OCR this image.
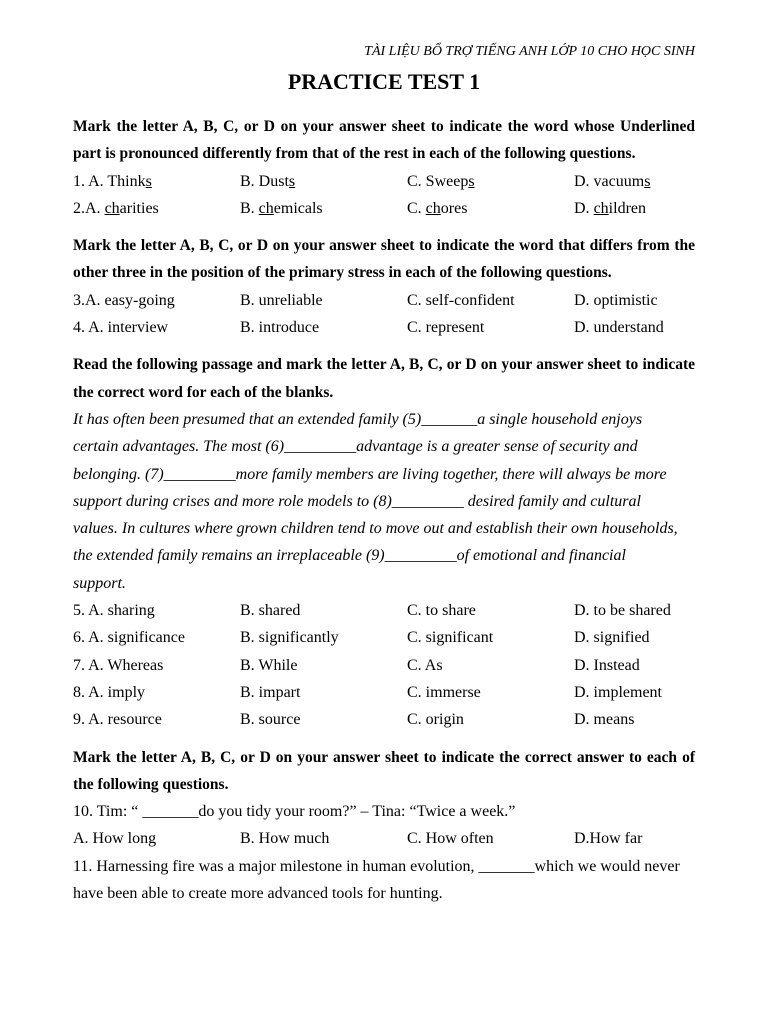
TÀI LIỆU BỔ TRỢ TIẾNG ANH LỚP 10 CHO HỌC SINH
PRACTICE TEST 1
Mark the letter A, B, C, or D on your answer sheet to indicate the word whose Underlined part is pronounced differently from that of the rest in each of the following questions.
1. A. Thinks	B. Dusts	C. Sweeps	D. vacuums
2.A. charities	B. chemicals	C. chores	D. children
Mark the letter A, B, C, or D on your answer sheet to indicate the word that differs from the other three in the position of the primary stress in each of the following questions.
3.A. easy-going	B. unreliable	C. self-confident	D. optimistic
4. A. interview	B. introduce	C. represent	D. understand
Read the following passage and mark the letter A, B, C, or D on your answer sheet to indicate the correct word for each of the blanks.
It has often been presumed that an extended family (5)_______a single household enjoys
certain advantages. The most (6)_________advantage is a greater sense of security and
belonging. (7)_________more family members are living together, there will always be more
support during crises and more role models to (8)_________ desired family and cultural
values. In cultures where grown children tend to move out and establish their own households,
the extended family remains an irreplaceable (9)_________of emotional and financial
support.
5. A. sharing	B. shared	C. to share	D. to be shared
6. A. significance	B. significantly	C. significant	D. signified
7. A. Whereas	B. While	C. As	D. Instead
8. A. imply	B. impart	C. immerse	D. implement
9. A. resource	B. source	C. origin	D. means
Mark the letter A, B, C, or D on your answer sheet to indicate the correct answer to each of the following questions.
10. Tim: “ _______do you tidy your room?” – Tina: “Twice a week.”
A. How long	B. How much	C. How often	D.How far
11. Harnessing fire was a major milestone in human evolution, _______which we would never
have been able to create more advanced tools for hunting.
